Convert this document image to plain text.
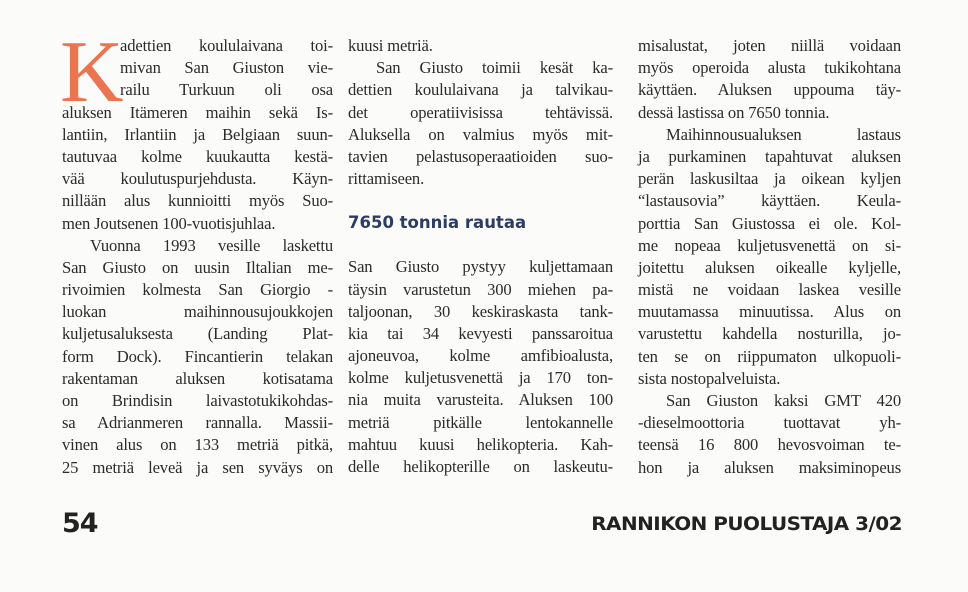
K
adettien koululaivana toi-
mivan San Giuston vie-
railu Turkuun oli osa
aluksen Itämeren maihin sekä Is-
lantiin, Irlantiin ja Belgiaan suun-
tautuvaa kolme kuukautta kestä-
vää koulutuspurjehdusta. Käyn-
nillään alus kunnioitti myös Suo-
men Joutsenen 100-vuotisjuhlaa.
Vuonna 1993 vesille laskettu
San Giusto on uusin Iltalian me-
rivoimien kolmesta San Giorgio -
luokan maihinnousujoukkojen
kuljetusaluksesta (Landing Plat-
form Dock). Fincantierin telakan
rakentaman aluksen kotisatama
on Brindisin laivastotukikohdas-
sa Adrianmeren rannalla. Massii-
vinen alus on 133 metriä pitkä,
25 metriä leveä ja sen syväys on
kuusi metriä.
San Giusto toimii kesät ka-
dettien koululaivana ja talvikau-
det operatiivisissa tehtävissä.
Aluksella on valmius myös mit-
tavien pelastusoperaatioiden suo-
rittamiseen.
7650 tonnia rautaa
San Giusto pystyy kuljettamaan
täysin varustetun 300 miehen pa-
taljoonan, 30 keskiraskasta tank-
kia tai 34 kevyesti panssaroitua
ajoneuvoa, kolme amfibioalusta,
kolme kuljetusvenettä ja 170 ton-
nia muita varusteita. Aluksen 100
metriä pitkälle lentokannelle
mahtuu kuusi helikopteria. Kah-
delle helikopterille on laskeutu-
misalustat, joten niillä voidaan
myös operoida alusta tukikohtana
käyttäen. Aluksen uppouma täy-
dessä lastissa on 7650 tonnia.
Maihinnousualuksen lastaus
ja purkaminen tapahtuvat aluksen
perän laskusiltaa ja oikean kyljen
“lastausovia” käyttäen. Keula-
porttia San Giustossa ei ole. Kol-
me nopeaa kuljetusvenettä on si-
joitettu aluksen oikealle kyljelle,
mistä ne voidaan laskea vesille
muutamassa minuutissa. Alus on
varustettu kahdella nosturilla, jo-
ten se on riippumaton ulkopuoli-
sista nostopalveluista.
San Giuston kaksi GMT 420
-dieselmoottoria tuottavat yh-
teensä 16 800 hevosvoiman te-
hon ja aluksen maksiminopeus
54	RANNIKON PUOLUSTAJA 3/02
